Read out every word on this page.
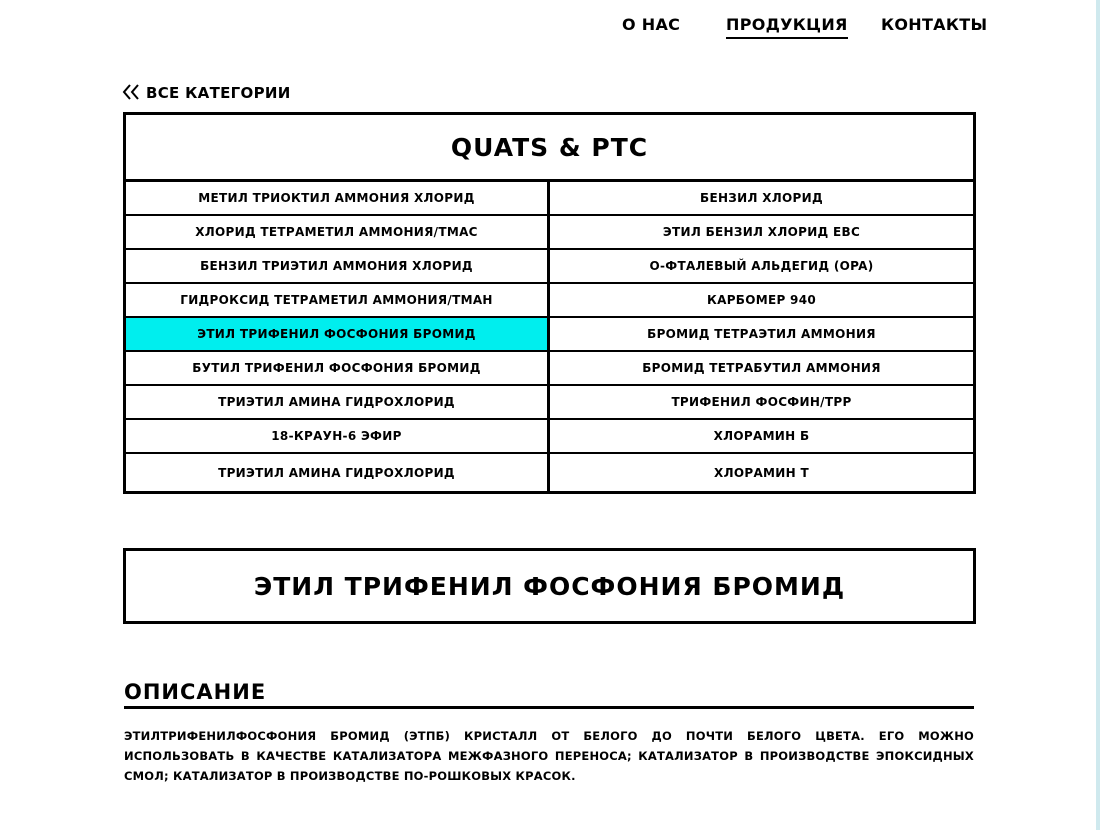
О НАС	ПРОДУКЦИЯ КОНТАКТЫ
ВСЕ КАТЕГОРИИ
QUATS & PTC
МЕТИЛ ТРИОКТИЛ АММОНИЯ ХЛОРИД	БЕНЗИЛ ХЛОРИД
ХЛОРИД ТЕТРАМЕТИЛ АММОНИЯ/TMAC	ЭТИЛ БЕНЗИЛ ХЛОРИД EBC
БЕНЗИЛ ТРИЭТИЛ АММОНИЯ ХЛОРИД	О-ФТАЛЕВЫЙ АЛЬДЕГИД (OPA)
ГИДРОКСИД ТЕТРАМЕТИЛ АММОНИЯ/TMAH	КАРБОМЕР 940
ЭТИЛ ТРИФЕНИЛ ФОСФОНИЯ БРОМИД	БРОМИД ТЕТРАЭТИЛ АММОНИЯ
БУТИЛ ТРИФЕНИЛ ФОСФОНИЯ БРОМИД	БРОМИД ТЕТРАБУТИЛ АММОНИЯ
ТРИЭТИЛ АМИНА ГИДРОХЛОРИД	ТРИФЕНИЛ ФОСФИН/TPP
18-КРАУН-6 ЭФИР	ХЛОРАМИН Б
ТРИЭТИЛ АМИНА ГИДРОХЛОРИД	ХЛОРАМИН Т
ЭТИЛ ТРИФЕНИЛ ФОСФОНИЯ БРОМИД
ОПИСАНИЕ
ЭТИЛТРИФЕНИЛФОСФОНИЯ БРОМИД (ЭТПБ) КРИСТАЛЛ ОТ БЕЛОГО ДО ПОЧТИ БЕЛОГО ЦВЕТА. ЕГО МОЖНО ИСПОЛЬЗОВАТЬ В КАЧЕСТВЕ КАТАЛИЗАТОРА МЕЖФАЗНОГО ПЕРЕНОСА; КАТАЛИЗАТОР В ПРОИЗВОДСТВЕ ЭПОКСИДНЫХ СМОЛ; КАТАЛИЗАТОР В ПРОИЗВОДСТВЕ ПО-РОШКОВЫХ КРАСОК.
